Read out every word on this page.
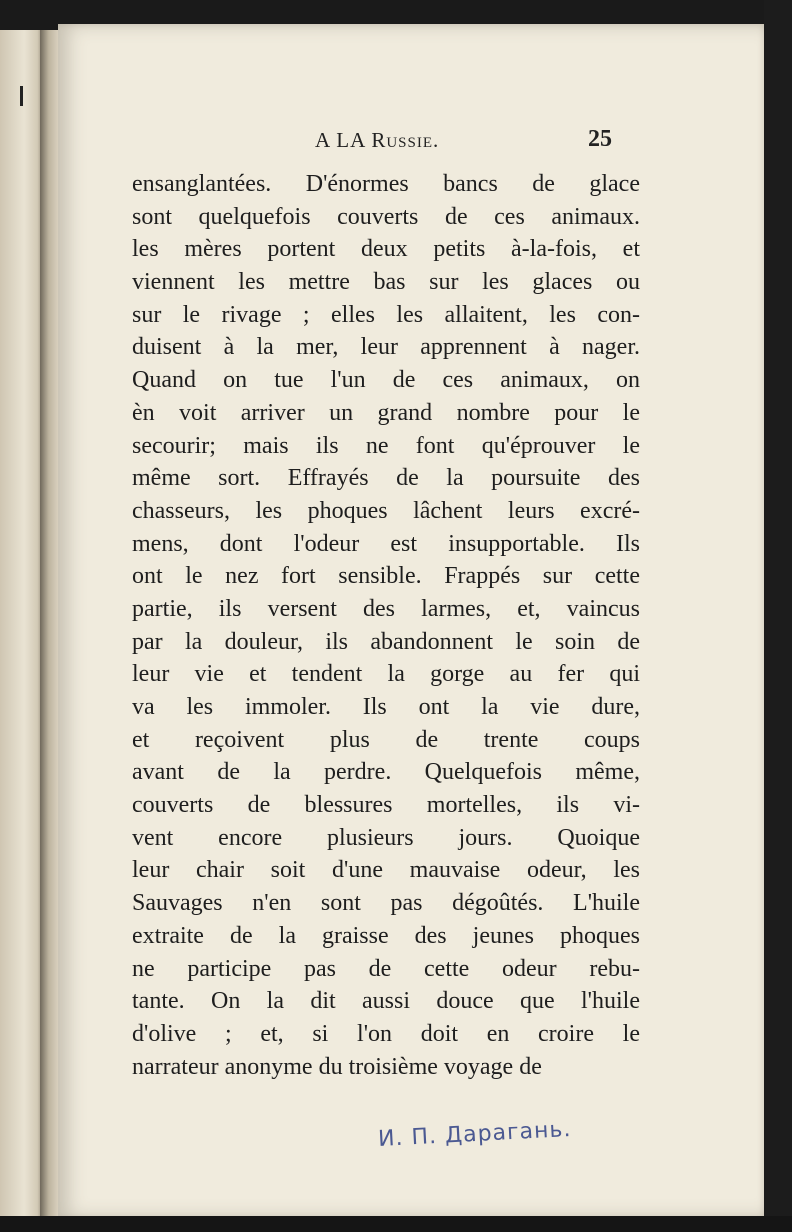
A LA Russie.	25
ensanglantées. D'énormes bancs de glace
sont quelquefois couverts de ces animaux.
les mères portent deux petits à-la-fois, et
viennent les mettre bas sur les glaces ou
sur le rivage ; elles les allaitent, les con-
duisent à la mer, leur apprennent à nager.
Quand on tue l'un de ces animaux, on
èn voit arriver un grand nombre pour le
secourir; mais ils ne font qu'éprouver le
même sort. Effrayés de la poursuite des
chasseurs, les phoques lâchent leurs excré-
mens, dont l'odeur est insupportable. Ils
ont le nez fort sensible. Frappés sur cette
partie, ils versent des larmes, et, vaincus
par la douleur, ils abandonnent le soin de
leur vie et tendent la gorge au fer qui
va les immoler. Ils ont la vie dure,
et reçoivent plus de trente coups
avant de la perdre. Quelquefois même,
couverts de blessures mortelles, ils vi-
vent encore plusieurs jours. Quoique
leur chair soit d'une mauvaise odeur, les
Sauvages n'en sont pas dégoûtés. L'huile
extraite de la graisse des jeunes phoques
ne participe pas de cette odeur rebu-
tante. On la dit aussi douce que l'huile
d'olive ; et, si l'on doit en croire le
narrateur anonyme du troisième voyage de
И. П. Дарагань.
